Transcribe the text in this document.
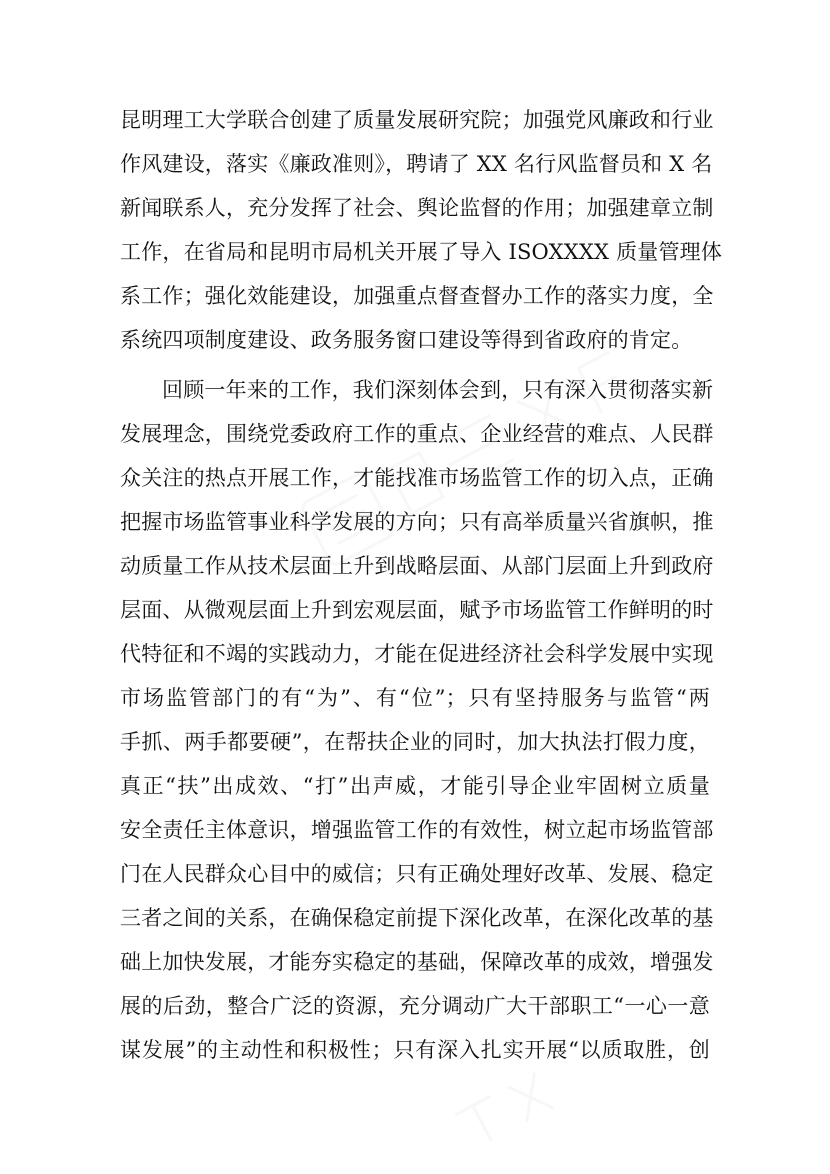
昆明理工大学联合创建了质量发展研究院；加强党风廉政和行业
作风建设，落实《廉政准则》，聘请了 XX 名行风监督员和 X 名
新闻联系人，充分发挥了社会、舆论监督的作用；加强建章立制
工作，在省局和昆明市局机关开展了导入 ISOXXXX 质量管理体
系工作；强化效能建设，加强重点督查督办工作的落实力度，全
系统四项制度建设、政务服务窗口建设等得到省政府的肯定。
回顾一年来的工作，我们深刻体会到，只有深入贯彻落实新
发展理念，围绕党委政府工作的重点、企业经营的难点、人民群
众关注的热点开展工作，才能找准市场监管工作的切入点，正确
把握市场监管事业科学发展的方向；只有高举质量兴省旗帜，推
动质量工作从技术层面上升到战略层面、从部门层面上升到政府
层面、从微观层面上升到宏观层面，赋予市场监管工作鲜明的时
代特征和不竭的实践动力，才能在促进经济社会科学发展中实现
市场监管部门的有“为”、有“位”；只有坚持服务与监管“两
手抓、两手都要硬”，在帮扶企业的同时，加大执法打假力度，
真正“扶”出成效、“打”出声威，才能引导企业牢固树立质量
安全责任主体意识，增强监管工作的有效性，树立起市场监管部
门在人民群众心目中的威信；只有正确处理好改革、发展、稳定
三者之间的关系，在确保稳定前提下深化改革，在深化改革的基
础上加快发展，才能夯实稳定的基础，保障改革的成效，增强发
展的后劲，整合广泛的资源，充分调动广大干部职工“一心一意
谋发展”的主动性和积极性；只有深入扎实开展“以质取胜，创
